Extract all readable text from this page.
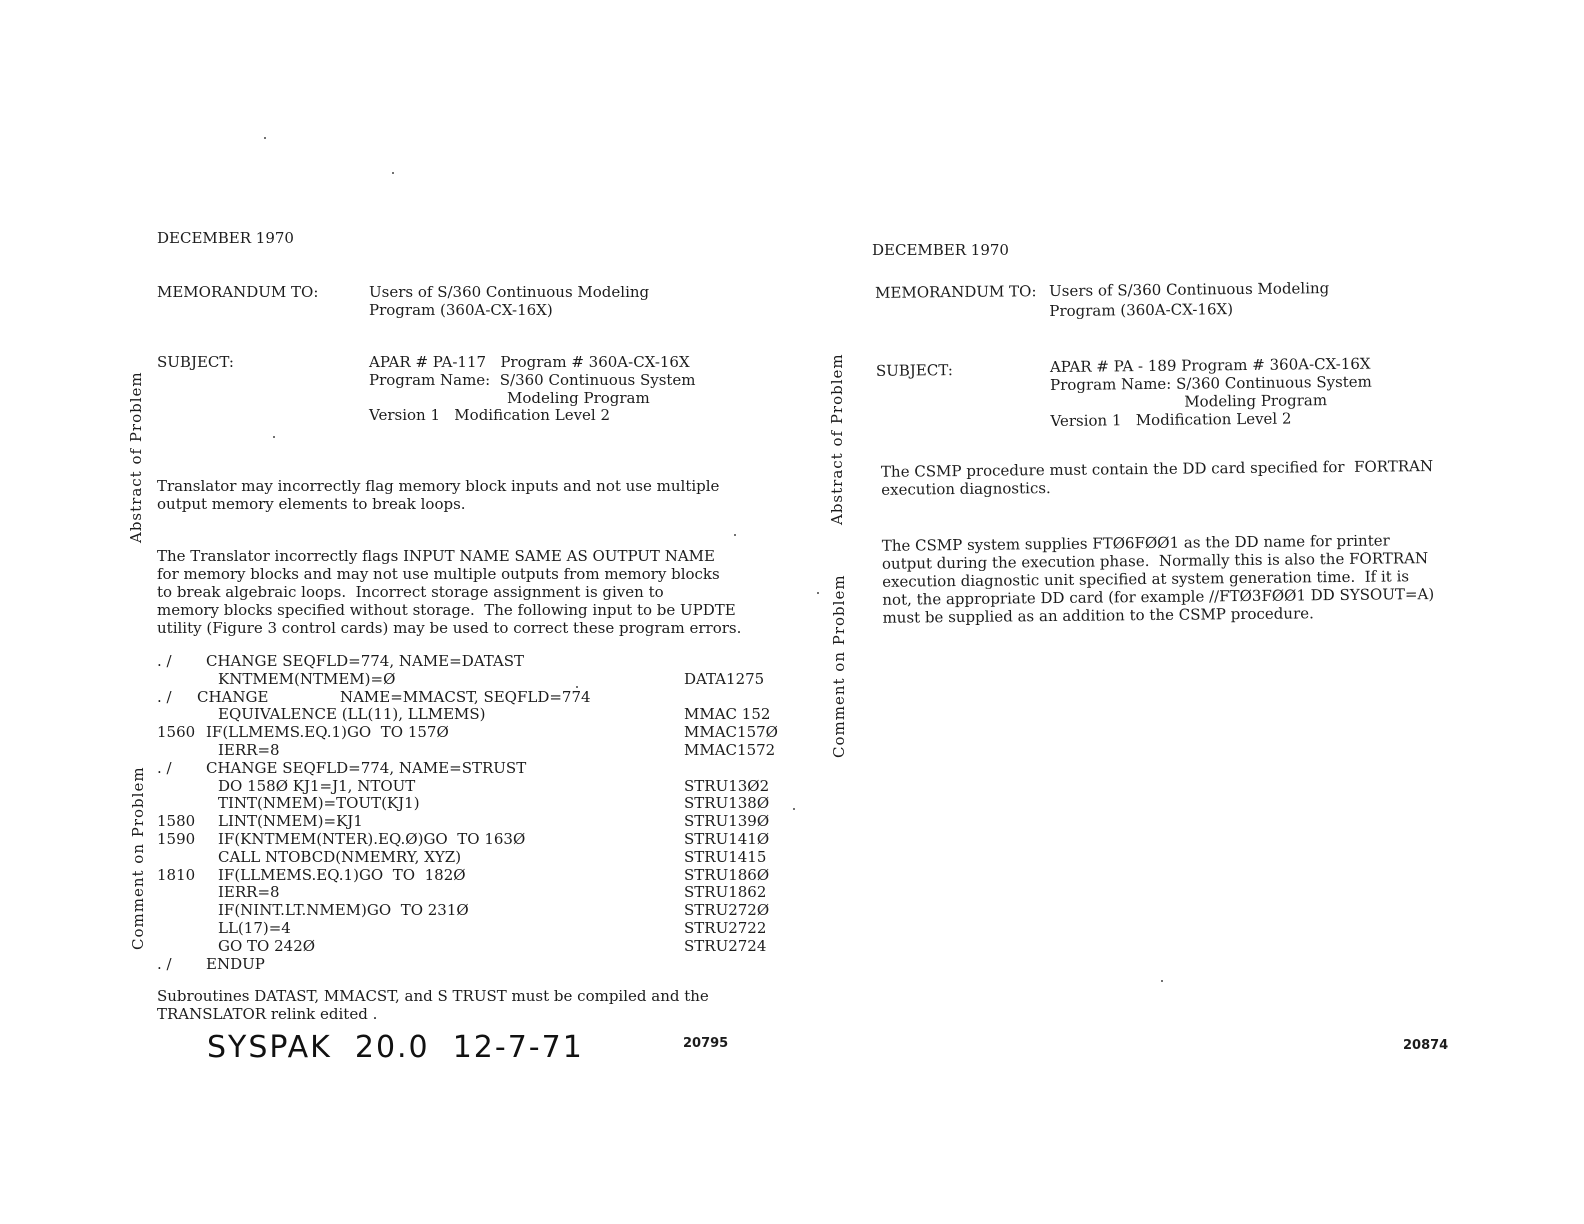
DECEMBER 1970
MEMORANDUM TO:	Users of S/360 Continuous Modeling
Program (360A-CX-16X)
SUBJECT:	APAR # PA-117   Program # 360A-CX-16X
Program Name:  S/360 Continuous System
Modeling Program
Version 1   Modification Level 2
Abstract of Problem Translator may incorrectly flag memory block inputs and not use multiple
output memory elements to break loops.
The Translator incorrectly flags INPUT NAME SAME AS OUTPUT NAME
for memory blocks and may not use multiple outputs from memory blocks
to break algebraic loops.  Incorrect storage assignment is given to
memory blocks specified without storage.  The following input to be UPDTE
utility (Figure 3 control cards) may be used to correct these program errors.
Comment on Problem
. / CHANGE SEQFLD=774, NAME=DATAST
KNTMEM(NTMEM)=Ø	DATA1275
. / CHANGE               NAME=MMACST, SEQFLD=774
EQUIVALENCE (LL(11), LLMEMS)	MMAC 152
1560 IF(LLMEMS.EQ.1)GO  TO 157Ø	MMAC157Ø
IERR=8	MMAC1572
. / CHANGE SEQFLD=774, NAME=STRUST
DO 158Ø KJ1=J1, NTOUT	STRU13Ø2
TINT(NMEM)=TOUT(KJ1)	STRU138Ø
1580 LINT(NMEM)=KJ1	STRU139Ø
1590 IF(KNTMEM(NTER).EQ.Ø)GO  TO 163Ø	STRU141Ø
CALL NTOBCD(NMEMRY, XYZ)	STRU1415
1810 IF(LLMEMS.EQ.1)GO  TO  182Ø	STRU186Ø
IERR=8	STRU1862
IF(NINT.LT.NMEM)GO  TO 231Ø	STRU272Ø
LL(17)=4	STRU2722
GO TO 242Ø	STRU2724
. / ENDUP
Subroutines DATAST, MMACST, and S TRUST must be compiled and the
TRANSLATOR relink edited .
SYSPAK  20.0  12-7-71	20795
DECEMBER 1970
MEMORANDUM TO: Users of S/360 Continuous Modeling
Program (360A-CX-16X)
SUBJECT:	APAR # PA - 189 Program # 360A-CX-16X
Program Name: S/360 Continuous System
Modeling Program
Version 1   Modification Level 2
The CSMP procedure must contain the DD card specified for  FORTRAN
execution diagnostics.
The CSMP system supplies FTØ6FØØ1 as the DD name for printer
output during the execution phase.  Normally this is also the FORTRAN
execution diagnostic unit specified at system generation time.  If it is
not, the appropriate DD card (for example //FTØ3FØØ1 DD SYSOUT=A)
must be supplied as an addition to the CSMP procedure.
Abstract of Problem
Comment on Problem
20874
